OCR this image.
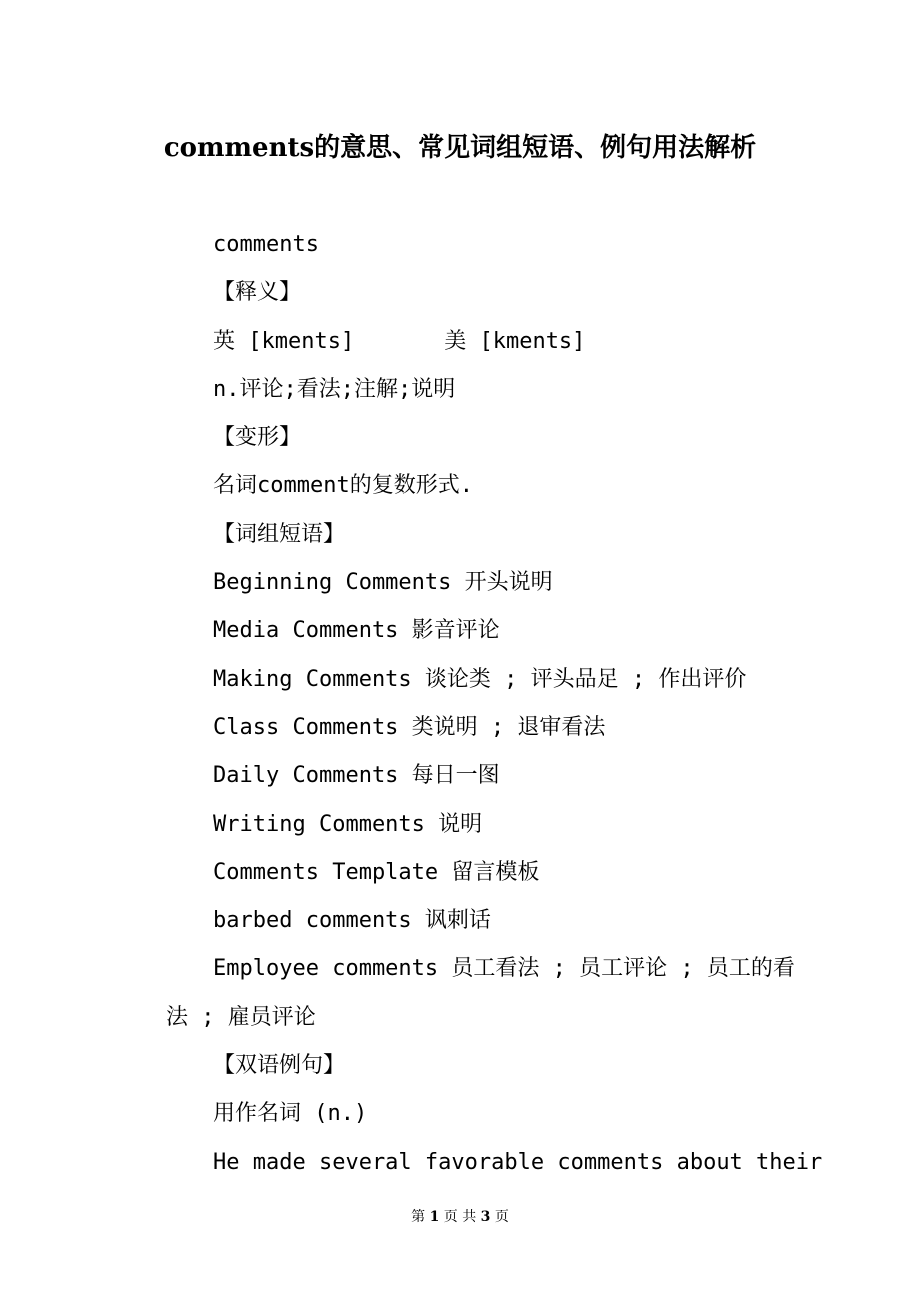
comments的意思、常见词组短语、例句用法解析
comments
【释义】
英 [kments]	美 [kments]
n.评论;看法;注解;说明
【变形】
名词comment的复数形式.
【词组短语】
Beginning Comments 开头说明
Media Comments 影音评论
Making Comments 谈论类 ; 评头品足 ; 作出评价
Class Comments 类说明 ; 退审看法
Daily Comments 每日一图
Writing Comments 说明
Comments Template 留言模板
barbed comments 讽刺话
Employee comments 员工看法 ; 员工评论 ; 员工的看
法 ; 雇员评论
【双语例句】
用作名词 (n.)
He made several favorable comments about their
第 1 页 共 3 页
